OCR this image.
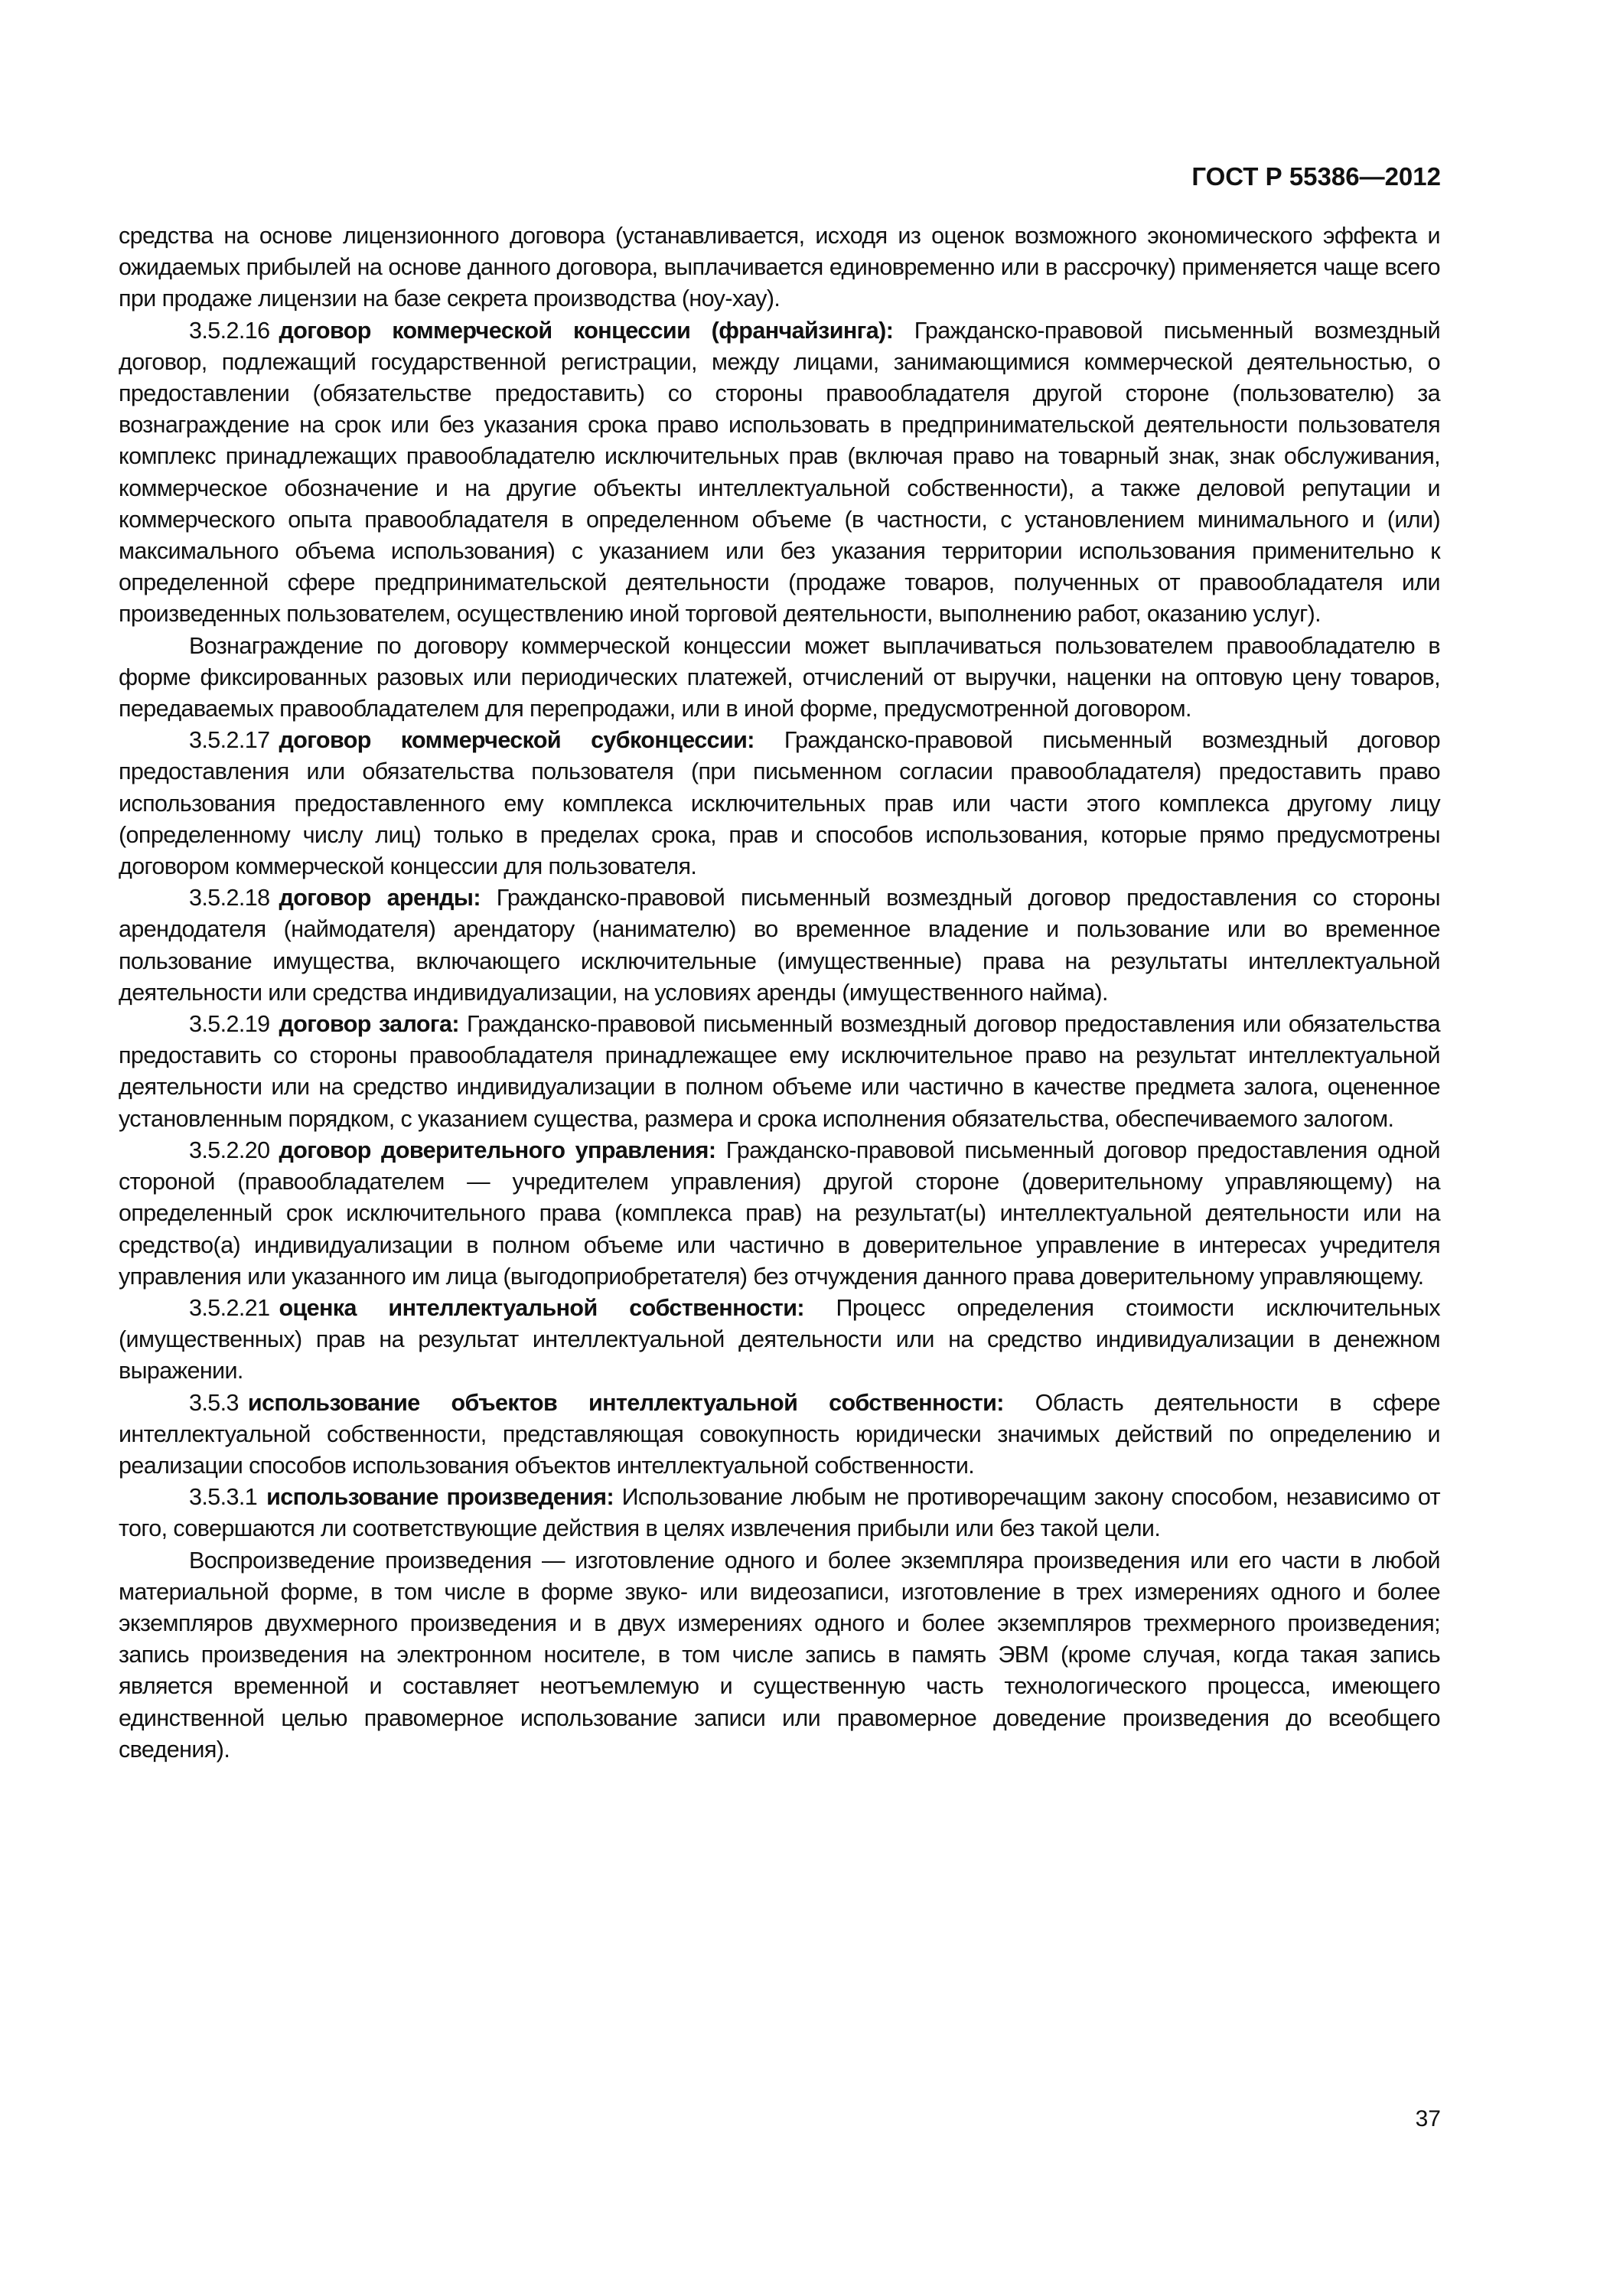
ГОСТ Р 55386—2012

средства на основе лицензионного договора (устанавливается, исходя из оценок возможного экономического эффекта и ожидаемых прибылей на основе данного договора, выплачивается единовременно или в рассрочку) применяется чаще всего при продаже лицензии на базе секрета производства (ноу-хау).

3.5.2.16 договор коммерческой концессии (франчайзинга): Гражданско-правовой письменный возмездный договор, подлежащий государственной регистрации, между лицами, занимающимися коммерческой деятельностью, о предоставлении (обязательстве предоставить) со стороны правообладателя другой стороне (пользователю) за вознаграждение на срок или без указания срока право использовать в предпринимательской деятельности пользователя комплекс принадлежащих правообладателю исключительных прав (включая право на товарный знак, знак обслуживания, коммерческое обозначение и на другие объекты интеллектуальной собственности), а также деловой репутации и коммерческого опыта правообладателя в определенном объеме (в частности, с установлением минимального и (или) максимального объема использования) с указанием или без указания территории использования применительно к определенной сфере предпринимательской деятельности (продаже товаров, полученных от правообладателя или произведенных пользователем, осуществлению иной торговой деятельности, выполнению работ, оказанию услуг).

Вознаграждение по договору коммерческой концессии может выплачиваться пользователем правообладателю в форме фиксированных разовых или периодических платежей, отчислений от выручки, наценки на оптовую цену товаров, передаваемых правообладателем для перепродажи, или в иной форме, предусмотренной договором.

3.5.2.17 договор коммерческой субконцессии: Гражданско-правовой письменный возмездный договор предоставления или обязательства пользователя (при письменном согласии правообладателя) предоставить право использования предоставленного ему комплекса исключительных прав или части этого комплекса другому лицу (определенному числу лиц) только в пределах срока, прав и способов использования, которые прямо предусмотрены договором коммерческой концессии для пользователя.

3.5.2.18 договор аренды: Гражданско-правовой письменный возмездный договор предоставления со стороны арендодателя (наймодателя) арендатору (нанимателю) во временное владение и пользование или во временное пользование имущества, включающего исключительные (имущественные) права на результаты интеллектуальной деятельности или средства индивидуализации, на условиях аренды (имущественного найма).

3.5.2.19 договор залога: Гражданско-правовой письменный возмездный договор предоставления или обязательства предоставить со стороны правообладателя принадлежащее ему исключительное право на результат интеллектуальной деятельности или на средство индивидуализации в полном объеме или частично в качестве предмета залога, оцененное установленным порядком, с указанием существа, размера и срока исполнения обязательства, обеспечиваемого залогом.

3.5.2.20 договор доверительного управления: Гражданско-правовой письменный договор предоставления одной стороной (правообладателем — учредителем управления) другой стороне (доверительному управляющему) на определенный срок исключительного права (комплекса прав) на результат(ы) интеллектуальной деятельности или на средство(а) индивидуализации в полном объеме или частично в доверительное управление в интересах учредителя управления или указанного им лица (выгодоприобретателя) без отчуждения данного права доверительному управляющему.

3.5.2.21 оценка интеллектуальной собственности: Процесс определения стоимости исключительных (имущественных) прав на результат интеллектуальной деятельности или на средство индивидуализации в денежном выражении.

3.5.3 использование объектов интеллектуальной собственности: Область деятельности в сфере интеллектуальной собственности, представляющая совокупность юридически значимых действий по определению и реализации способов использования объектов интеллектуальной собственности.

3.5.3.1 использование произведения: Использование любым не противоречащим закону способом, независимо от того, совершаются ли соответствующие действия в целях извлечения прибыли или без такой цели.

Воспроизведение произведения — изготовление одного и более экземпляра произведения или его части в любой материальной форме, в том числе в форме звуко- или видеозаписи, изготовление в трех измерениях одного и более экземпляров двухмерного произведения и в двух измерениях одного и более экземпляров трехмерного произведения; запись произведения на электронном носителе, в том числе запись в память ЭВМ (кроме случая, когда такая запись является временной и составляет неотъемлемую и существенную часть технологического процесса, имеющего единственной целью правомерное использование записи или правомерное доведение произведения до всеобщего сведения).

37
